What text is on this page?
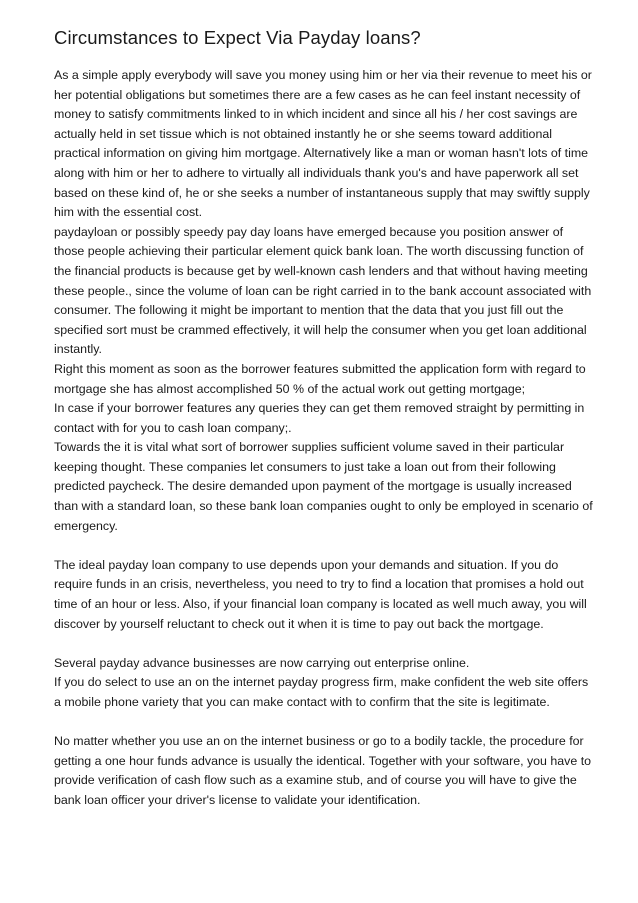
Circumstances to Expect Via Payday loans?

As a simple apply everybody will save you money using him or her via their revenue to meet his or her potential obligations but sometimes there are a few cases as he can feel instant necessity of money to satisfy commitments linked to in which incident and since all his / her cost savings are actually held in set tissue which is not obtained instantly he or she seems toward additional practical information on giving him mortgage. Alternatively like a man or woman hasn't lots of time along with him or her to adhere to virtually all individuals thank you's and have paperwork all set based on these kind of, he or she seeks a number of instantaneous supply that may swiftly supply him with the essential cost.

paydayloan or possibly speedy pay day loans have emerged because you position answer of those people achieving their particular element quick bank loan. The worth discussing function of the financial products is because get by well-known cash lenders and that without having meeting these people., since the volume of loan can be right carried in to the bank account associated with consumer. The following it might be important to mention that the data that you just fill out the specified sort must be crammed effectively, it will help the consumer when you get loan additional instantly.

Right this moment as soon as the borrower features submitted the application form with regard to mortgage she has almost accomplished 50 % of the actual work out getting mortgage;

In case if your borrower features any queries they can get them removed straight by permitting in contact with for you to cash loan company;.

Towards the it is vital what sort of borrower supplies sufficient volume saved in their particular keeping thought. These companies let consumers to just take a loan out from their following predicted paycheck. The desire demanded upon payment of the mortgage is usually increased than with a standard loan, so these bank loan companies ought to only be employed in scenario of emergency.

The ideal payday loan company to use depends upon your demands and situation. If you do require funds in an crisis, nevertheless, you need to try to find a location that promises a hold out time of an hour or less. Also, if your financial loan company is located as well much away, you will discover by yourself reluctant to check out it when it is time to pay out back the mortgage.

Several payday advance businesses are now carrying out enterprise online.

If you do select to use an on the internet payday progress firm, make confident the web site offers a mobile phone variety that you can make contact with to confirm that the site is legitimate.

No matter whether you use an on the internet business or go to a bodily tackle, the procedure for getting a one hour funds advance is usually the identical. Together with your software, you have to provide verification of cash flow such as a examine stub, and of course you will have to give the bank loan officer your driver's license to validate your identification.
